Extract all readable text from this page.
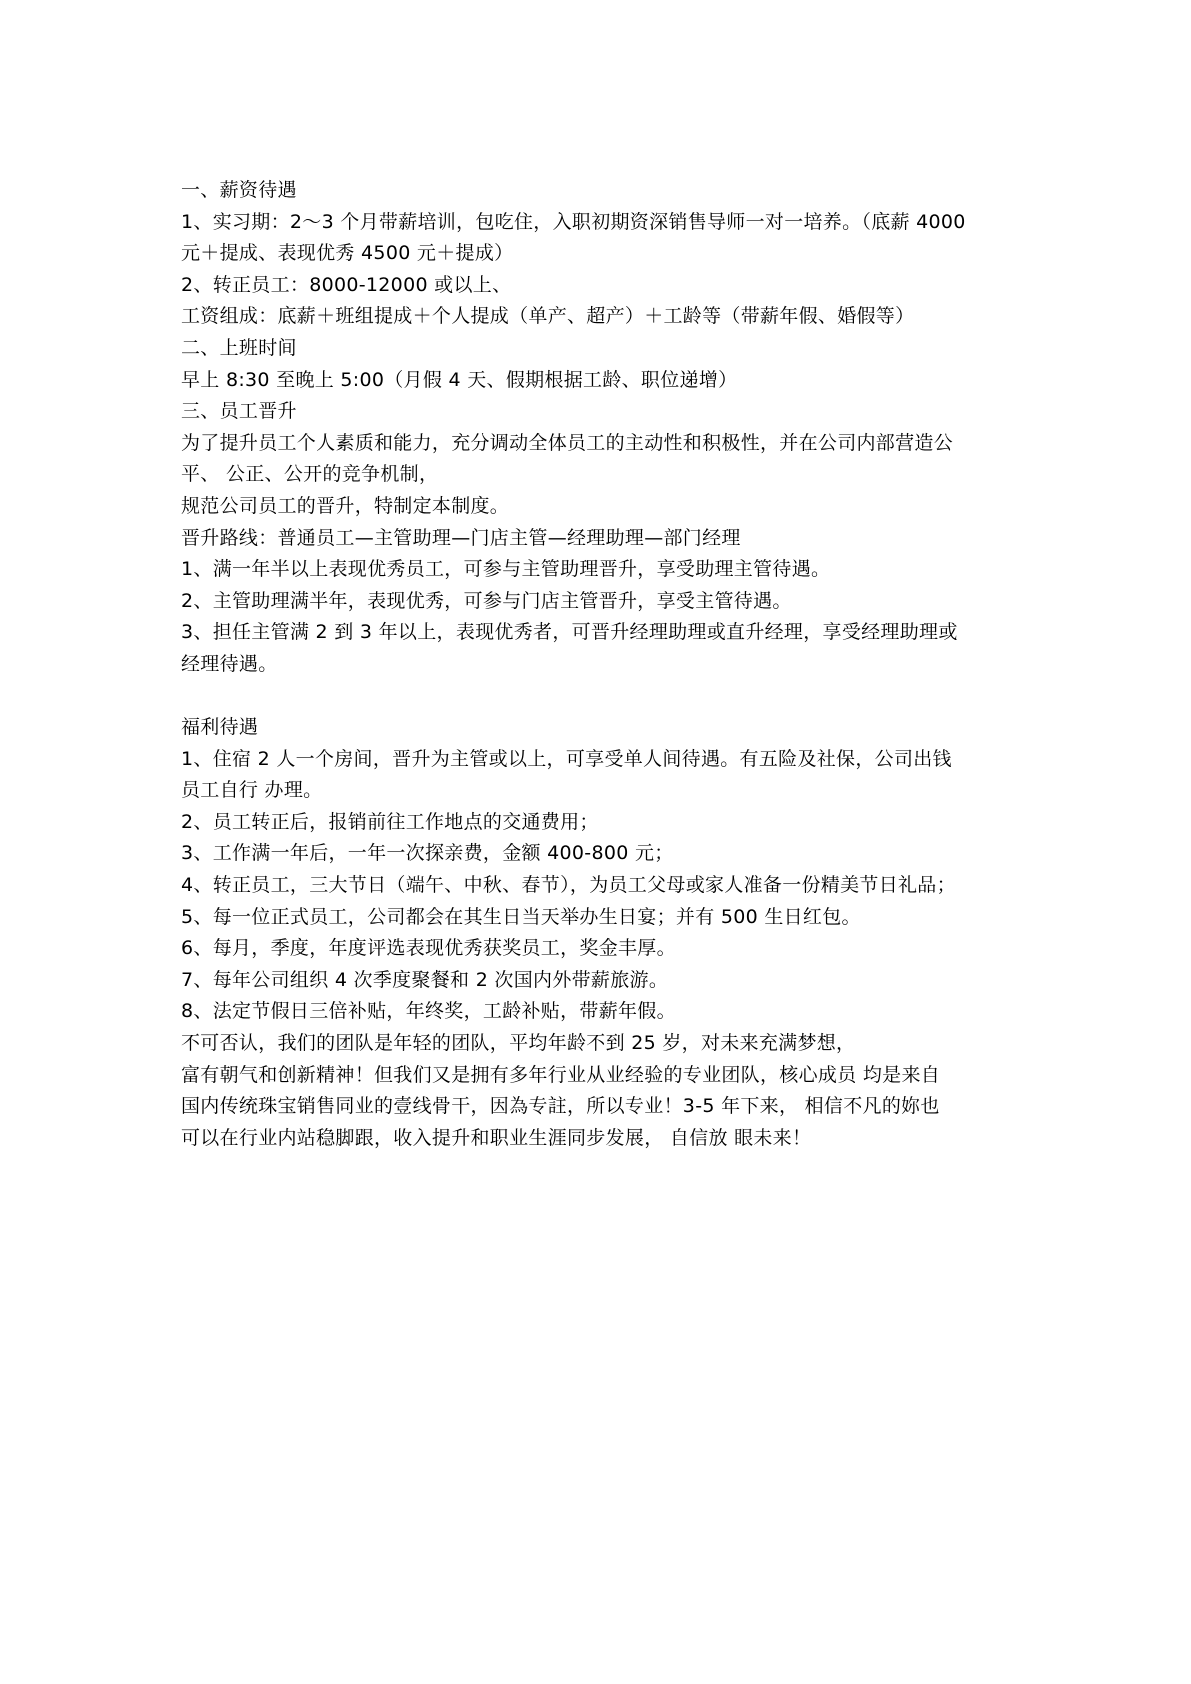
一、薪资待遇
1、实习期：2～3 个月带薪培训，包吃住，入职初期资深销售导师一对一培养。（底薪 4000
元＋提成、表现优秀 4500 元＋提成）
2、转正员工：8000-12000 或以上、
工资组成：底薪＋班组提成＋个人提成（单产、超产）＋工龄等（带薪年假、婚假等）
二、上班时间
早上 8:30 至晚上 5:00（月假 4 天、假期根据工龄、职位递增）
三、员工晋升
为了提升员工个人素质和能力，充分调动全体员工的主动性和积极性，并在公司内部营造公
平、 公正、公开的竞争机制，
规范公司员工的晋升，特制定本制度。
晋升路线：普通员工—主管助理—门店主管—经理助理—部门经理
1、满一年半以上表现优秀员工，可参与主管助理晋升，享受助理主管待遇。
2、主管助理满半年，表现优秀，可参与门店主管晋升，享受主管待遇。
3、担任主管满 2 到 3 年以上，表现优秀者，可晋升经理助理或直升经理，享受经理助理或
经理待遇。
福利待遇
1、住宿 2 人一个房间，晋升为主管或以上，可享受单人间待遇。有五险及社保，公司出钱
员工自行 办理。
2、员工转正后，报销前往工作地点的交通费用；
3、工作满一年后，一年一次探亲费，金额 400-800 元；
4、转正员工，三大节日（端午、中秋、春节），为员工父母或家人准备一份精美节日礼品；
5、每一位正式员工，公司都会在其生日当天举办生日宴；并有 500 生日红包。
6、每月，季度，年度评选表现优秀获奖员工，奖金丰厚。
7、每年公司组织 4 次季度聚餐和 2 次国内外带薪旅游。
8、法定节假日三倍补贴，年终奖，工龄补贴，带薪年假。
不可否认，我们的团队是年轻的团队，平均年龄不到 25 岁，对未来充满梦想，
富有朝气和创新精神！但我们又是拥有多年行业从业经验的专业团队，核心成员 均是来自
国内传统珠宝销售同业的壹线骨干，因為专註，所以专业！3-5 年下来， 相信不凡的妳也
可以在行业内站稳脚跟，收入提升和职业生涯同步发展， 自信放 眼未来！
